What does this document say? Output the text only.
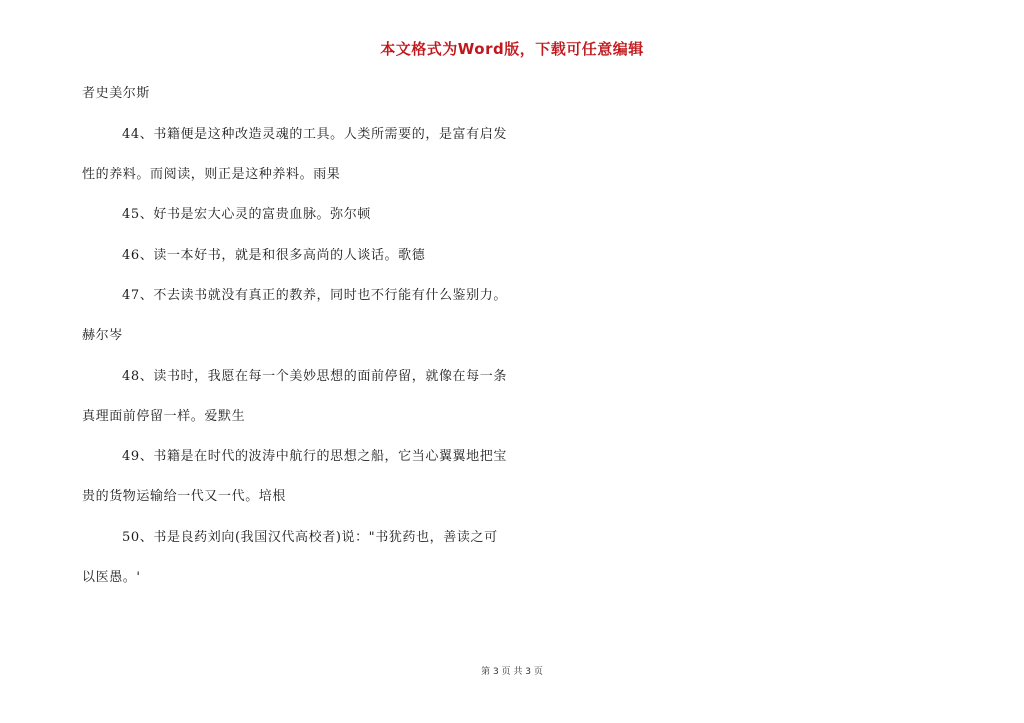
本文格式为Word版，下载可任意编辑
者史美尔斯
44、书籍便是这种改造灵魂的工具。人类所需要的，是富有启发
性的养料。而阅读，则正是这种养料。雨果
45、好书是宏大心灵的富贵血脉。弥尔顿
46、读一本好书，就是和很多高尚的人谈话。歌德
47、不去读书就没有真正的教养，同时也不行能有什么鉴别力。
赫尔岑
48、读书时，我愿在每一个美妙思想的面前停留，就像在每一条
真理面前停留一样。爱默生
49、书籍是在时代的波涛中航行的思想之船，它当心翼翼地把宝
贵的货物运输给一代又一代。培根
50、书是良药刘向(我国汉代高校者)说："书犹药也，善读之可
以医愚。'
第 3 页 共 3 页
